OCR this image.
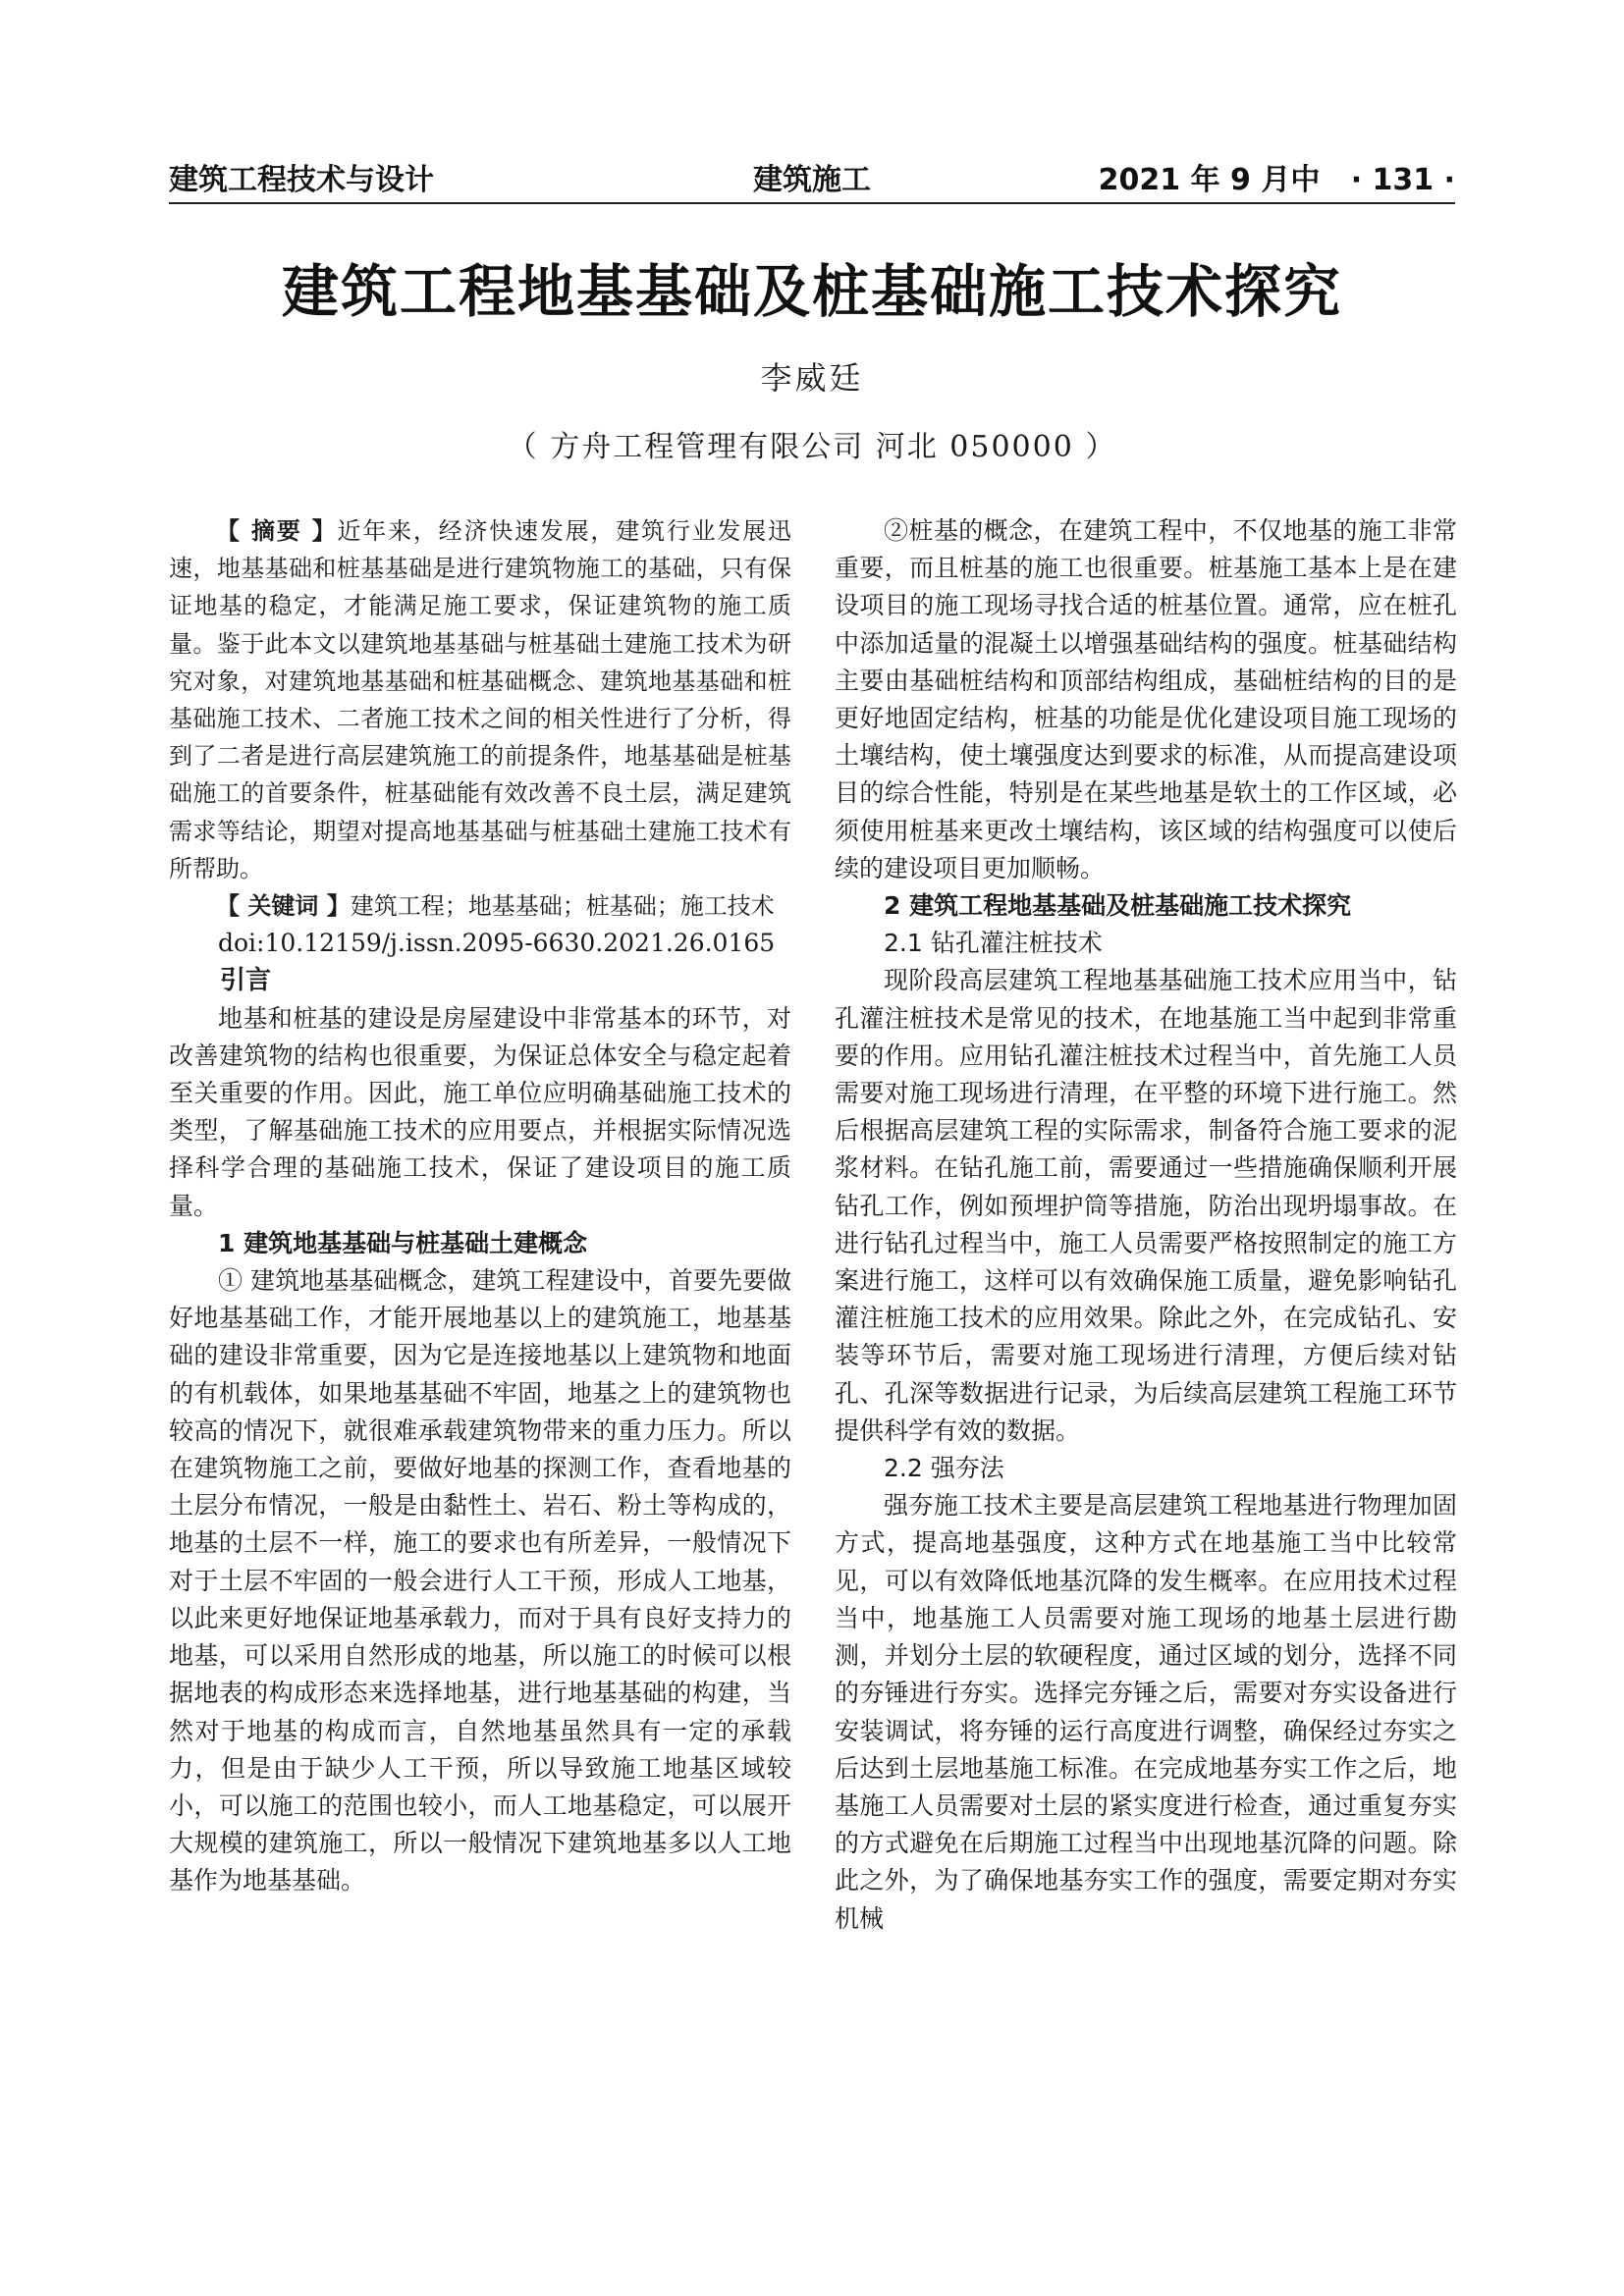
建筑工程技术与设计	建筑施工	2021 年 9 月中 · 131 ·
建筑工程地基基础及桩基础施工技术探究
李威廷
（ 方舟工程管理有限公司 河北 050000 ）

【 摘要 】近年来，经济快速发展，建筑行业发展迅速，地基基础和桩基基础是进行建筑物施工的基础，只有保证地基的稳定，才能满足施工要求，保证建筑物的施工质量。鉴于此本文以建筑地基基础与桩基础土建施工技术为研究对象，对建筑地基基础和桩基础概念、建筑地基基础和桩基础施工技术、二者施工技术之间的相关性进行了分析，得到了二者是进行高层建筑施工的前提条件，地基基础是桩基础施工的首要条件，桩基础能有效改善不良土层，满足建筑需求等结论，期望对提高地基基础与桩基础土建施工技术有所帮助。

【 关键词 】建筑工程；地基基础；桩基础；施工技术

doi:10.12159/j.issn.2095-6630.2021.26.0165

引言

地基和桩基的建设是房屋建设中非常基本的环节，对改善建筑物的结构也很重要，为保证总体安全与稳定起着至关重要的作用。因此，施工单位应明确基础施工技术的类型，了解基础施工技术的应用要点，并根据实际情况选择科学合理的基础施工技术，保证了建设项目的施工质量。

1 建筑地基基础与桩基础土建概念

① 建筑地基基础概念，建筑工程建设中，首要先要做好地基基础工作，才能开展地基以上的建筑施工，地基基础的建设非常重要，因为它是连接地基以上建筑物和地面的有机载体，如果地基基础不牢固，地基之上的建筑物也较高的情况下，就很难承载建筑物带来的重力压力。所以在建筑物施工之前，要做好地基的探测工作，查看地基的土层分布情况，一般是由黏性土、岩石、粉土等构成的，地基的土层不一样，施工的要求也有所差异，一般情况下对于土层不牢固的一般会进行人工干预，形成人工地基，以此来更好地保证地基承载力，而对于具有良好支持力的地基，可以采用自然形成的地基，所以施工的时候可以根据地表的构成形态来选择地基，进行地基基础的构建，当然对于地基的构成而言，自然地基虽然具有一定的承载力，但是由于缺少人工干预，所以导致施工地基区域较小，可以施工的范围也较小，而人工地基稳定，可以展开大规模的建筑施工，所以一般情况下建筑地基多以人工地基作为地基基础。

②桩基的概念，在建筑工程中，不仅地基的施工非常重要，而且桩基的施工也很重要。桩基施工基本上是在建设项目的施工现场寻找合适的桩基位置。通常，应在桩孔中添加适量的混凝土以增强基础结构的强度。桩基础结构主要由基础桩结构和顶部结构组成，基础桩结构的目的是更好地固定结构，桩基的功能是优化建设项目施工现场的土壤结构，使土壤强度达到要求的标准，从而提高建设项目的综合性能，特别是在某些地基是软土的工作区域，必须使用桩基来更改土壤结构，该区域的结构强度可以使后续的建设项目更加顺畅。

2 建筑工程地基基础及桩基础施工技术探究

2.1 钻孔灌注桩技术

现阶段高层建筑工程地基基础施工技术应用当中，钻孔灌注桩技术是常见的技术，在地基施工当中起到非常重要的作用。应用钻孔灌注桩技术过程当中，首先施工人员需要对施工现场进行清理，在平整的环境下进行施工。然后根据高层建筑工程的实际需求，制备符合施工要求的泥浆材料。在钻孔施工前，需要通过一些措施确保顺利开展钻孔工作，例如预埋护筒等措施，防治出现坍塌事故。在进行钻孔过程当中，施工人员需要严格按照制定的施工方案进行施工，这样可以有效确保施工质量，避免影响钻孔灌注桩施工技术的应用效果。除此之外，在完成钻孔、安装等环节后，需要对施工现场进行清理，方便后续对钻孔、孔深等数据进行记录，为后续高层建筑工程施工环节提供科学有效的数据。

2.2 强夯法

强夯施工技术主要是高层建筑工程地基进行物理加固方式，提高地基强度，这种方式在地基施工当中比较常见，可以有效降低地基沉降的发生概率。在应用技术过程当中，地基施工人员需要对施工现场的地基土层进行勘测，并划分土层的软硬程度，通过区域的划分，选择不同的夯锤进行夯实。选择完夯锤之后，需要对夯实设备进行安装调试，将夯锤的运行高度进行调整，确保经过夯实之后达到土层地基施工标准。在完成地基夯实工作之后，地基施工人员需要对土层的紧实度进行检查，通过重复夯实的方式避免在后期施工过程当中出现地基沉降的问题。除此之外，为了确保地基夯实工作的强度，需要定期对夯实机械
